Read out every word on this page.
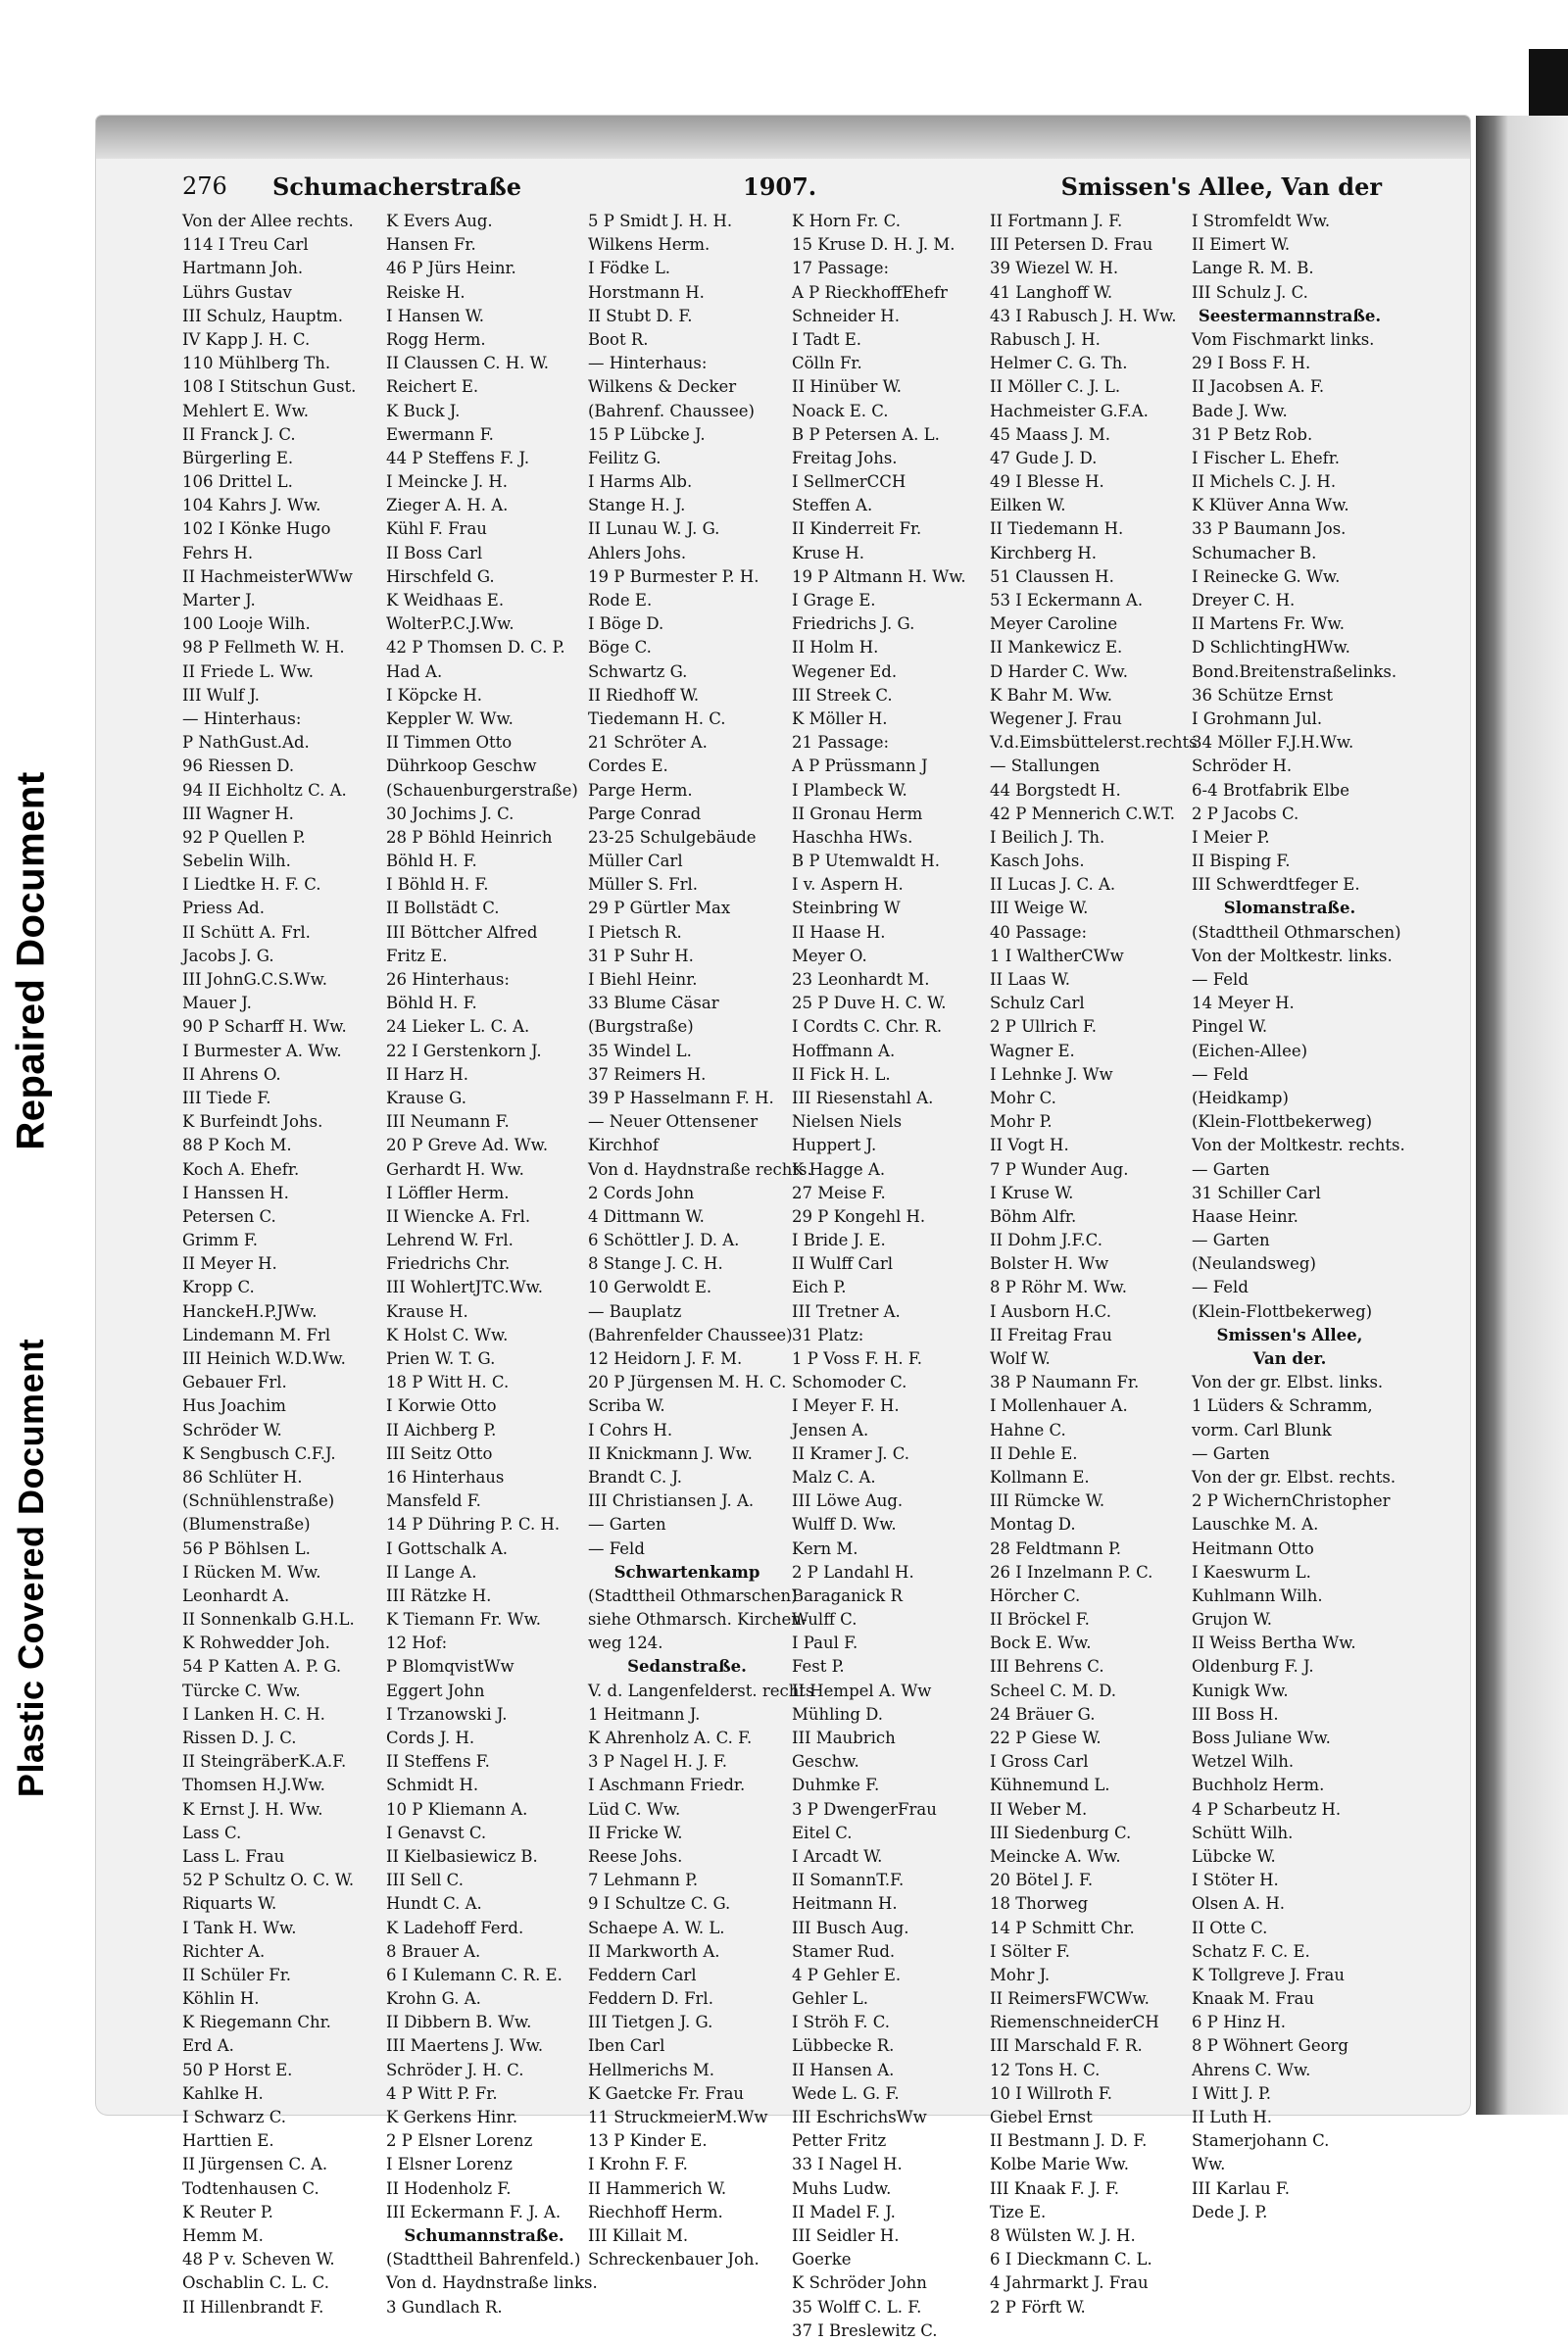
Repaired Document
Plastic Covered Document
276 Schumacherstraße	1907.	Smissen's Allee, Van der
Von der Allee rechts.
114 I Treu Carl
Hartmann Joh.
Lührs Gustav
III Schulz, Hauptm.
IV Kapp J. H. C.
110 Mühlberg Th.
108 I Stitschun Gust.
Mehlert E. Ww.
II Franck J. C.
Bürgerling E.
106 Drittel L.
104 Kahrs J. Ww.
102 I Könke Hugo
Fehrs H.
II HachmeisterWWw
Marter J.
100 Looje Wilh.
98 P Fellmeth W. H.
II Friede L. Ww.
III Wulf J.
— Hinterhaus:
P NathGust.Ad.
96 Riessen D.
94 II Eichholtz C. A.
III Wagner H.
92 P Quellen P.
Sebelin Wilh.
I Liedtke H. F. C.
Priess Ad.
II Schütt A. Frl.
Jacobs J. G.
III JohnG.C.S.Ww.
Mauer J.
90 P Scharff H. Ww.
I Burmester A. Ww.
II Ahrens O.
III Tiede F.
K Burfeindt Johs.
88 P Koch M.
Koch A. Ehefr.
I Hanssen H.
Petersen C.
Grimm F.
II Meyer H.
Kropp C.
HanckeH.P.JWw.
Lindemann M. Frl
III Heinich W.D.Ww.
Gebauer Frl.
Hus Joachim
Schröder W.
K Sengbusch C.F.J.
86 Schlüter H.
(Schnühlenstraße)
(Blumenstraße)
56 P Böhlsen L.
I Rücken M. Ww.
Leonhardt A.
II Sonnenkalb G.H.L.
K Rohwedder Joh.
54 P Katten A. P. G.
Türcke C. Ww.
I Lanken H. C. H.
Rissen D. J. C.
II SteingräberK.A.F.
Thomsen H.J.Ww.
K Ernst J. H. Ww.
Lass C.
Lass L. Frau
52 P Schultz O. C. W.
Riquarts W.
I Tank H. Ww.
Richter A.
II Schüler Fr.
Köhlin H.
K Riegemann Chr.
Erd A.
50 P Horst E.
Kahlke H.
I Schwarz C.
Harttien E.
II Jürgensen C. A.
Todtenhausen C.
K Reuter P.
Hemm M.
48 P v. Scheven W.
Oschablin C. L. C.
II Hillenbrandt F.
K Evers Aug.
Hansen Fr.
46 P Jürs Heinr.
Reiske H.
I Hansen W.
Rogg Herm.
II Claussen C. H. W.
Reichert E.
K Buck J.
Ewermann F.
44 P Steffens F. J.
I Meincke J. H.
Zieger A. H. A.
Kühl F. Frau
II Boss Carl
Hirschfeld G.
K Weidhaas E.
WolterP.C.J.Ww.
42 P Thomsen D. C. P.
Had A.
I Köpcke H.
Keppler W. Ww.
II Timmen Otto
Dührkoop Geschw
(Schauenburgerstraße)
30 Jochims J. C.
28 P Böhld Heinrich
Böhld H. F.
I Böhld H. F.
II Bollstädt C.
III Böttcher Alfred
Fritz E.
26 Hinterhaus:
Böhld H. F.
24 Lieker L. C. A.
22 I Gerstenkorn J.
II Harz H.
Krause G.
III Neumann F.
20 P Greve Ad. Ww.
Gerhardt H. Ww.
I Löffler Herm.
II Wiencke A. Frl.
Lehrend W. Frl.
Friedrichs Chr.
III WohlertJTC.Ww.
Krause H.
K Holst C. Ww.
Prien W. T. G.
18 P Witt H. C.
I Korwie Otto
II Aichberg P.
III Seitz Otto
16 Hinterhaus
Mansfeld F.
14 P Dühring P. C. H.
I Gottschalk A.
II Lange A.
III Rätzke H.
K Tiemann Fr. Ww.
12 Hof:
P BlomqvistWw
Eggert John
I Trzanowski J.
Cords J. H.
II Steffens F.
Schmidt H.
10 P Kliemann A.
I Genavst C.
II Kielbasiewicz B.
III Sell C.
Hundt C. A.
K Ladehoff Ferd.
8 Brauer A.
6 I Kulemann C. R. E.
Krohn G. A.
II Dibbern B. Ww.
III Maertens J. Ww.
Schröder J. H. C.
4 P Witt P. Fr.
K Gerkens Hinr.
2 P Elsner Lorenz
I Elsner Lorenz
II Hodenholz F.
III Eckermann F. J. A.
Schumannstraße.
(Stadttheil Bahrenfeld.)
Von d. Haydnstraße links.
3 Gundlach R.
5 P Smidt J. H. H.
Wilkens Herm.
I Födke L.
Horstmann H.
II Stubt D. F.
Boot R.
— Hinterhaus:
Wilkens & Decker
(Bahrenf. Chaussee)
15 P Lübcke J.
Feilitz G.
I Harms Alb.
Stange H. J.
II Lunau W. J. G.
Ahlers Johs.
19 P Burmester P. H.
Rode E.
I Böge D.
Böge C.
Schwartz G.
II Riedhoff W.
Tiedemann H. C.
21 Schröter A.
Cordes E.
Parge Herm.
Parge Conrad
23-25 Schulgebäude
Müller Carl
Müller S. Frl.
29 P Gürtler Max
I Pietsch R.
31 P Suhr H.
I Biehl Heinr.
33 Blume Cäsar
(Burgstraße)
35 Windel L.
37 Reimers H.
39 P Hasselmann F. H.
— Neuer Ottensener
Kirchhof
Von d. Haydnstraße rechts.
2 Cords John
4 Dittmann W.
6 Schöttler J. D. A.
8 Stange J. C. H.
10 Gerwoldt E.
— Bauplatz
(Bahrenfelder Chaussee)
12 Heidorn J. F. M.
20 P Jürgensen M. H. C.
Scriba W.
I Cohrs H.
II Knickmann J. Ww.
Brandt C. J.
III Christiansen J. A.
— Garten
— Feld
Schwartenkamp
(Stadttheil Othmarschen)
siehe Othmarsch. Kirchen-
weg 124.
Sedanstraße.
V. d. Langenfelderst. rechts
1 Heitmann J.
K Ahrenholz A. C. F.
3 P Nagel H. J. F.
I Aschmann Friedr.
Lüd C. Ww.
II Fricke W.
Reese Johs.
7 Lehmann P.
9 I Schultze C. G.
Schaepe A. W. L.
II Markworth A.
Feddern Carl
Feddern D. Frl.
III Tietgen J. G.
Iben Carl
Hellmerichs M.
K Gaetcke Fr. Frau
11 StruckmeierM.Ww
13 P Kinder E.
I Krohn F. F.
II Hammerich W.
Riechhoff Herm.
III Killait M.
Schreckenbauer Joh.
K Horn Fr. C.
15 Kruse D. H. J. M.
17 Passage:
A P RieckhoffEhefr
Schneider H.
I Tadt E.
Cölln Fr.
II Hinüber W.
Noack E. C.
B P Petersen A. L.
Freitag Johs.
I SellmerCCH
Steffen A.
II Kinderreit Fr.
Kruse H.
19 P Altmann H. Ww.
I Grage E.
Friedrichs J. G.
II Holm H.
Wegener Ed.
III Streek C.
K Möller H.
21 Passage:
A P Prüssmann J
I Plambeck W.
II Gronau Herm
Haschha HWs.
B P Utemwaldt H.
I v. Aspern H.
Steinbring W
II Haase H.
Meyer O.
23 Leonhardt M.
25 P Duve H. C. W.
I Cordts C. Chr. R.
Hoffmann A.
II Fick H. L.
III Riesenstahl A.
Nielsen Niels
Huppert J.
K Hagge A.
27 Meise F.
29 P Kongehl H.
I Bride J. E.
II Wulff Carl
Eich P.
III Tretner A.
31 Platz:
1 P Voss F. H. F.
Schomoder C.
I Meyer F. H.
Jensen A.
II Kramer J. C.
Malz C. A.
III Löwe Aug.
Wulff D. Ww.
Kern M.
2 P Landahl H.
Baraganick R
Wulff C.
I Paul F.
Fest P.
II Hempel A. Ww
Mühling D.
III Maubrich
Geschw.
Duhmke F.
3 P DwengerFrau
Eitel C.
I Arcadt W.
II SomannT.F.
Heitmann H.
III Busch Aug.
Stamer Rud.
4 P Gehler E.
Gehler L.
I Ströh F. C.
Lübbecke R.
II Hansen A.
Wede L. G. F.
III EschrichsWw
Petter Fritz
33 I Nagel H.
Muhs Ludw.
II Madel F. J.
III Seidler H.
Goerke
K Schröder John
35 Wolff C. L. F.
37 I Breslewitz C.
II Fortmann J. F.
III Petersen D. Frau
39 Wiezel W. H.
41 Langhoff W.
43 I Rabusch J. H. Ww.
Rabusch J. H.
Helmer C. G. Th.
II Möller C. J. L.
Hachmeister G.F.A.
45 Maass J. M.
47 Gude J. D.
49 I Blesse H.
Eilken W.
II Tiedemann H.
Kirchberg H.
51 Claussen H.
53 I Eckermann A.
Meyer Caroline
II Mankewicz E.
D Harder C. Ww.
K Bahr M. Ww.
Wegener J. Frau
V.d.Eimsbüttelerst.rechts
— Stallungen
44 Borgstedt H.
42 P Mennerich C.W.T.
I Beilich J. Th.
Kasch Johs.
II Lucas J. C. A.
III Weige W.
40 Passage:
1 I WaltherCWw
II Laas W.
Schulz Carl
2 P Ullrich F.
Wagner E.
I Lehnke J. Ww
Mohr C.
Mohr P.
II Vogt H.
7 P Wunder Aug.
I Kruse W.
Böhm Alfr.
II Dohm J.F.C.
Bolster H. Ww
8 P Röhr M. Ww.
I Ausborn H.C.
II Freitag Frau
Wolf W.
38 P Naumann Fr.
I Mollenhauer A.
Hahne C.
II Dehle E.
Kollmann E.
III Rümcke W.
Montag D.
28 Feldtmann P.
26 I Inzelmann P. C.
Hörcher C.
II Bröckel F.
Bock E. Ww.
III Behrens C.
Scheel C. M. D.
24 Bräuer G.
22 P Giese W.
I Gross Carl
Kühnemund L.
II Weber M.
III Siedenburg C.
Meincke A. Ww.
20 Bötel J. F.
18 Thorweg
14 P Schmitt Chr.
I Sölter F.
Mohr J.
II ReimersFWCWw.
RiemenschneiderCH
III Marschald F. R.
12 Tons H. C.
10 I Willroth F.
Giebel Ernst
II Bestmann J. D. F.
Kolbe Marie Ww.
III Knaak F. J. F.
Tize E.
8 Wülsten W. J. H.
6 I Dieckmann C. L.
4 Jahrmarkt J. Frau
2 P Förft W.
I Stromfeldt Ww.
II Eimert W.
Lange R. M. B.
III Schulz J. C.
Seestermannstraße.
Vom Fischmarkt links.
29 I Boss F. H.
II Jacobsen A. F.
Bade J. Ww.
31 P Betz Rob.
I Fischer L. Ehefr.
II Michels C. J. H.
K Klüver Anna Ww.
33 P Baumann Jos.
Schumacher B.
I Reinecke G. Ww.
Dreyer C. H.
II Martens Fr. Ww.
D SchlichtingHWw.
Bond.Breitenstraßelinks.
36 Schütze Ernst
I Grohmann Jul.
34 Möller F.J.H.Ww.
Schröder H.
6-4 Brotfabrik Elbe
2 P Jacobs C.
I Meier P.
II Bisping F.
III Schwerdtfeger E.
Slomanstraße.
(Stadttheil Othmarschen)
Von der Moltkestr. links.
— Feld
14 Meyer H.
Pingel W.
(Eichen-Allee)
— Feld
(Heidkamp)
(Klein-Flottbekerweg)
Von der Moltkestr. rechts.
— Garten
31 Schiller Carl
Haase Heinr.
— Garten
(Neulandsweg)
— Feld
(Klein-Flottbekerweg)
Smissen's Allee,
Van der.
Von der gr. Elbst. links.
1 Lüders & Schramm,
vorm. Carl Blunk
— Garten
Von der gr. Elbst. rechts.
2 P WichernChristopher
Lauschke M. A.
Heitmann Otto
I Kaeswurm L.
Kuhlmann Wilh.
Grujon W.
II Weiss Bertha Ww.
Oldenburg F. J.
Kunigk Ww.
III Boss H.
Boss Juliane Ww.
Wetzel Wilh.
Buchholz Herm.
4 P Scharbeutz H.
Schütt Wilh.
Lübcke W.
I Stöter H.
Olsen A. H.
II Otte C.
Schatz F. C. E.
K Tollgreve J. Frau
Knaak M. Frau
6 P Hinz H.
8 P Wöhnert Georg
Ahrens C. Ww.
I Witt J. P.
II Luth H.
Stamerjohann C.
Ww.
III Karlau F.
Dede J. P.
